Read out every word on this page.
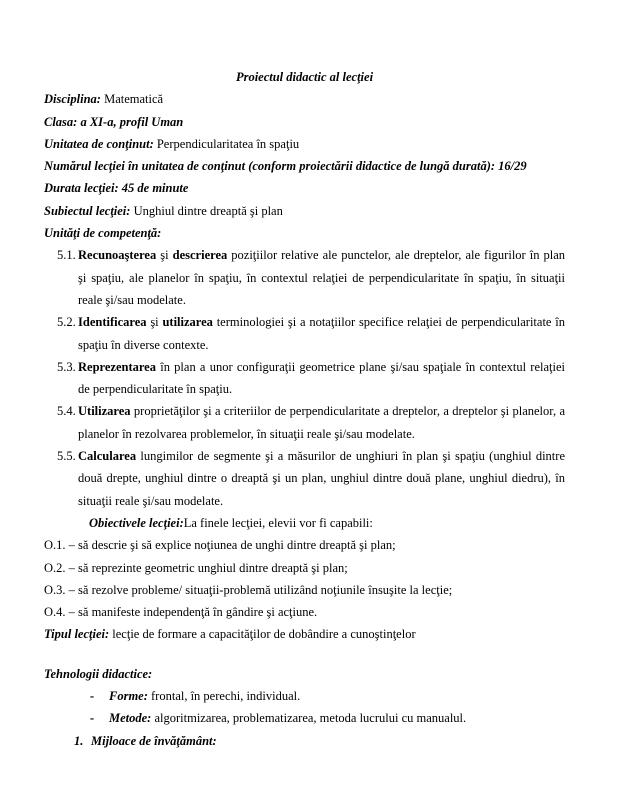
Proiectul didactic al lecţiei

Disciplina: Matematică

Clasa: a XI-a, profil Uman

Unitatea de conţinut: Perpendicularitatea în spaţiu

Numărul lecţiei în unitatea de conţinut (conform proiectării didactice de lungă durată): 16/29

Durata lecţiei: 45 de minute

Subiectul lecţiei: Unghiul dintre dreaptă şi plan

Unităţi de competenţă:

5.1. Recunoaşterea şi descrierea poziţiilor relative ale punctelor, ale dreptelor, ale figurilor în plan şi spaţiu, ale planelor în spaţiu, în contextul relaţiei de perpendicularitate în spaţiu, în situaţii reale şi/sau modelate.

5.2. Identificarea şi utilizarea terminologiei şi a notaţiilor specifice relaţiei de perpendicularitate în spaţiu în diverse contexte.

5.3. Reprezentarea în plan a unor configuraţii geometrice plane şi/sau spaţiale în contextul relaţiei de perpendicularitate în spaţiu.

5.4. Utilizarea proprietăţilor şi a criteriilor de perpendicularitate a dreptelor, a dreptelor şi planelor, a planelor în rezolvarea problemelor, în situaţii reale şi/sau modelate.

5.5. Calcularea lungimilor de segmente şi a măsurilor de unghiuri în plan şi spaţiu (unghiul dintre două drepte, unghiul dintre o dreaptă şi un plan, unghiul dintre două plane, unghiul diedru), în situaţii reale şi/sau modelate.

Obiectivele lecţiei:La finele lecţiei, elevii vor fi capabili:

O.1. – să descrie şi să explice noţiunea de unghi dintre dreaptă şi plan;

O.2. – să reprezinte geometric unghiul dintre dreaptă şi plan;

O.3. – să rezolve probleme/ situaţii-problemă utilizând noţiunile însuşite la lecţie;

O.4. – să manifeste independenţă în gândire şi acţiune.

Tipul lecţiei: lecţie de formare a capacităţilor de dobândire a cunoştinţelor

Tehnologii didactice:

- Forme: frontal, în perechi, individual.

- Metode: algoritmizarea, problematizarea, metoda lucrului cu manualul.

1. Mijloace de învăţământ:
